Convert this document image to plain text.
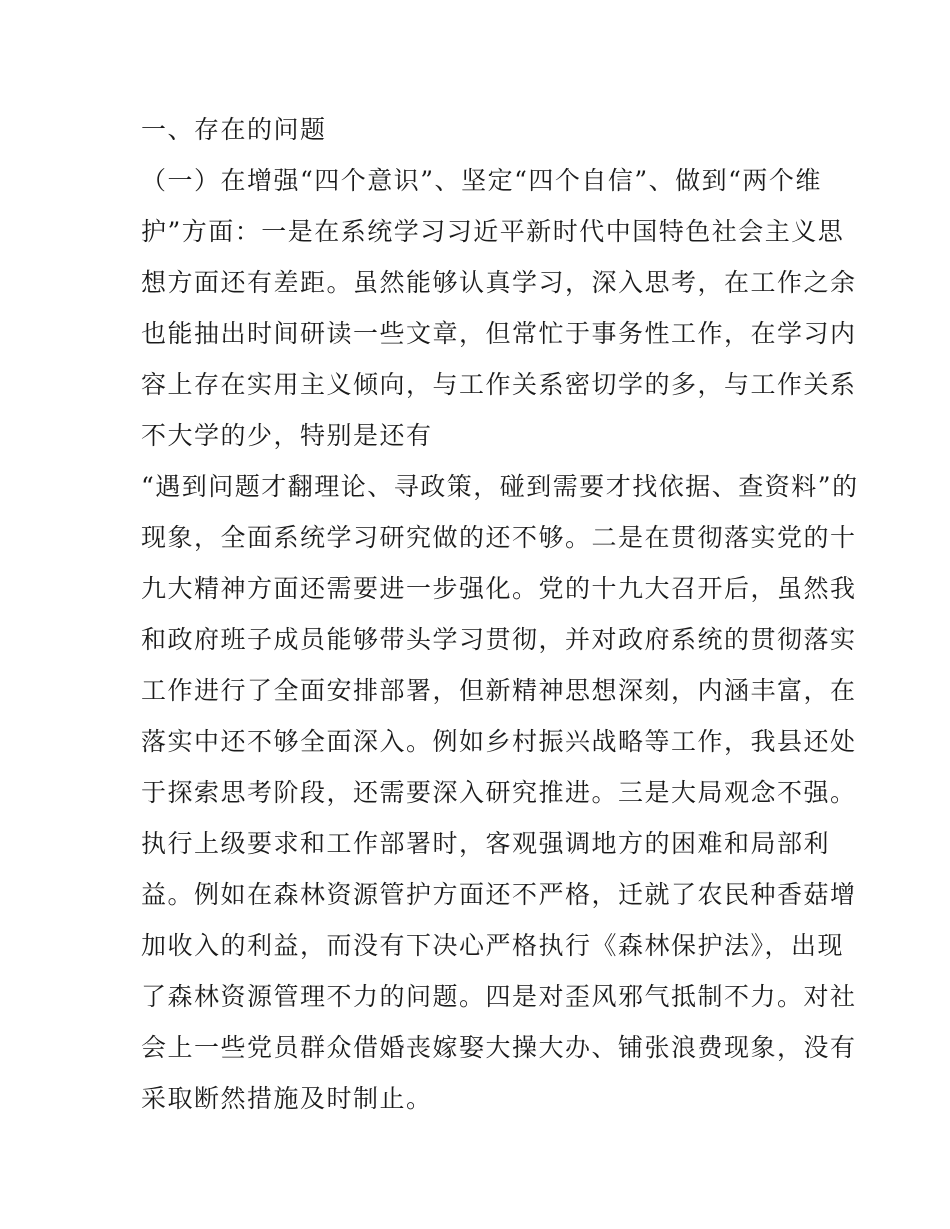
一、存在的问题
（一）在增强“四个意识”、坚定“四个自信”、做到“两个维
护”方面：一是在系统学习习近平新时代中国特色社会主义思
想方面还有差距。虽然能够认真学习，深入思考，在工作之余
也能抽出时间研读一些文章，但常忙于事务性工作，在学习内
容上存在实用主义倾向，与工作关系密切学的多，与工作关系
不大学的少，特别是还有
“遇到问题才翻理论、寻政策，碰到需要才找依据、查资料”的
现象，全面系统学习研究做的还不够。二是在贯彻落实党的十
九大精神方面还需要进一步强化。党的十九大召开后，虽然我
和政府班子成员能够带头学习贯彻，并对政府系统的贯彻落实
工作进行了全面安排部署，但新精神思想深刻，内涵丰富，在
落实中还不够全面深入。例如乡村振兴战略等工作，我县还处
于探索思考阶段，还需要深入研究推进。三是大局观念不强。
执行上级要求和工作部署时，客观强调地方的困难和局部利
益。例如在森林资源管护方面还不严格，迁就了农民种香菇增
加收入的利益，而没有下决心严格执行《森林保护法》，出现
了森林资源管理不力的问题。四是对歪风邪气抵制不力。对社
会上一些党员群众借婚丧嫁娶大操大办、铺张浪费现象，没有
采取断然措施及时制止。
